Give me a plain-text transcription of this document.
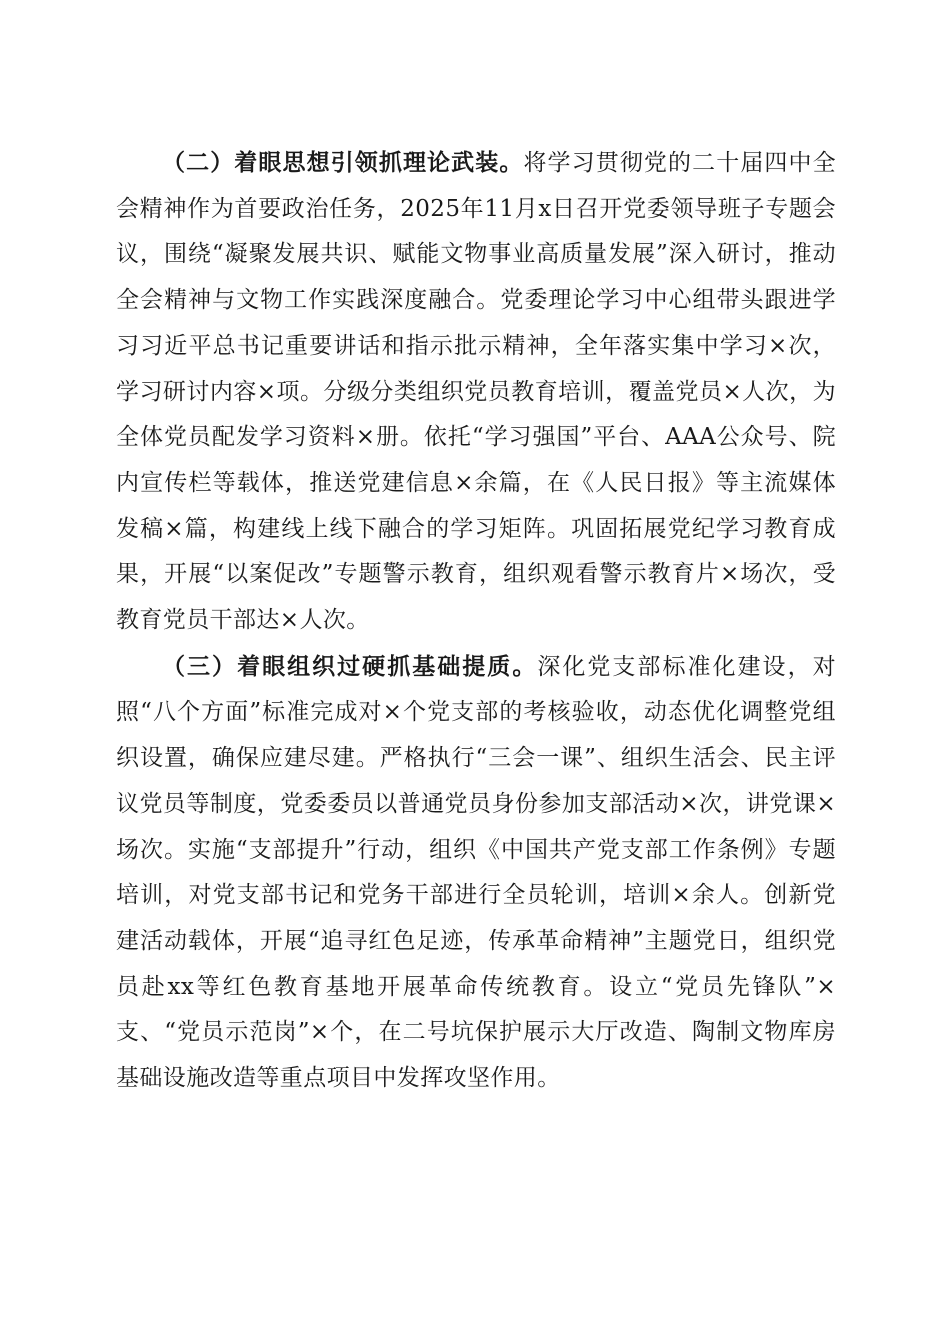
（二）着眼思想引领抓理论武装。将学习贯彻党的二十届四中全会精神作为首要政治任务，2025年11月x日召开党委领导班子专题会议，围绕“凝聚发展共识、赋能文物事业高质量发展”深入研讨，推动全会精神与文物工作实践深度融合。党委理论学习中心组带头跟进学习习近平总书记重要讲话和指示批示精神，全年落实集中学习×次，学习研讨内容×项。分级分类组织党员教育培训，覆盖党员×人次，为全体党员配发学习资料×册。依托“学习强国”平台、AAA公众号、院内宣传栏等载体，推送党建信息×余篇，在《人民日报》等主流媒体发稿×篇，构建线上线下融合的学习矩阵。巩固拓展党纪学习教育成果，开展“以案促改”专题警示教育，组织观看警示教育片×场次，受教育党员干部达×人次。

（三）着眼组织过硬抓基础提质。深化党支部标准化建设，对照“八个方面”标准完成对×个党支部的考核验收，动态优化调整党组织设置，确保应建尽建。严格执行“三会一课”、组织生活会、民主评议党员等制度，党委委员以普通党员身份参加支部活动×次，讲党课×场次。实施“支部提升”行动，组织《中国共产党支部工作条例》专题培训，对党支部书记和党务干部进行全员轮训，培训×余人。创新党建活动载体，开展“追寻红色足迹，传承革命精神”主题党日，组织党员赴xx等红色教育基地开展革命传统教育。设立“党员先锋队”×支、“党员示范岗”×个，在二号坑保护展示大厅改造、陶制文物库房基础设施改造等重点项目中发挥攻坚作用。
